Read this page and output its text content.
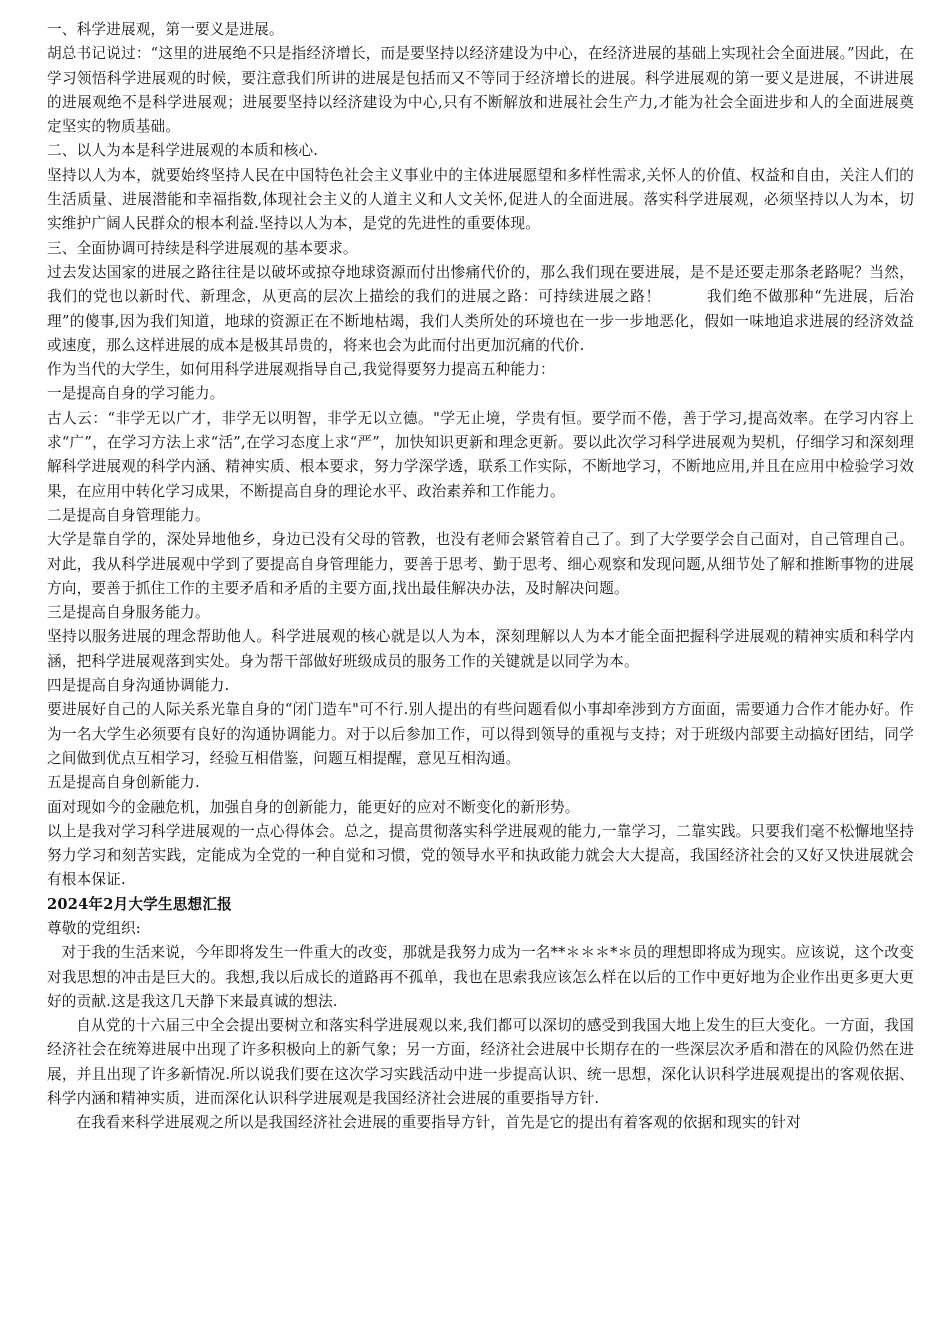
一、科学进展观，第一要义是进展。

胡总书记说过：“这里的进展绝不只是指经济增长，而是要坚持以经济建设为中心，在经济进展的基础上实现社会全面进展。”因此，在学习领悟科学进展观的时候，要注意我们所讲的进展是包括而又不等同于经济增长的进展。科学进展观的第一要义是进展，不讲进展的进展观绝不是科学进展观；进展要坚持以经济建设为中心,只有不断解放和进展社会生产力,才能为社会全面进步和人的全面进展奠定坚实的物质基础。

二、以人为本是科学进展观的本质和核心.

坚持以人为本，就要始终坚持人民在中国特色社会主义事业中的主体进展愿望和多样性需求,关怀人的价值、权益和自由，关注人们的生活质量、进展潜能和幸福指数,体现社会主义的人道主义和人文关怀,促进人的全面进展。落实科学进展观，必须坚持以人为本，切实维护广阔人民群众的根本利益.坚持以人为本，是党的先进性的重要体现。

三、全面协调可持续是科学进展观的基本要求。

过去发达国家的进展之路往往是以破坏或掠夺地球资源而付出惨痛代价的，那么我们现在要进展，是不是还要走那条老路呢？当然，我们的党也以新时代、新理念，从更高的层次上描绘的我们的进展之路：可持续进展之路！　　　我们绝不做那种“先进展，后治理”的傻事,因为我们知道，地球的资源正在不断地枯竭，我们人类所处的环境也在一步一步地恶化，假如一味地追求进展的经济效益或速度，那么这样进展的成本是极其昂贵的，将来也会为此而付出更加沉痛的代价.

作为当代的大学生，如何用科学进展观指导自己,我觉得要努力提高五种能力：

一是提高自身的学习能力。

古人云：“非学无以广才，非学无以明智，非学无以立德。"学无止境，学贵有恒。要学而不倦，善于学习,提高效率。在学习内容上求“广”，在学习方法上求“活”,在学习态度上求“严”，加快知识更新和理念更新。要以此次学习科学进展观为契机，仔细学习和深刻理解科学进展观的科学内涵、精神实质、根本要求，努力学深学透，联系工作实际，不断地学习，不断地应用,并且在应用中检验学习效果，在应用中转化学习成果，不断提高自身的理论水平、政治素养和工作能力。

二是提高自身管理能力。

大学是靠自学的，深处异地他乡，身边已没有父母的管教，也没有老师会紧管着自己了。到了大学要学会自己面对，自己管理自己。对此，我从科学进展观中学到了要提高自身管理能力，要善于思考、勤于思考、细心观察和发现问题,从细节处了解和推断事物的进展方向，要善于抓住工作的主要矛盾和矛盾的主要方面,找出最佳解决办法，及时解决问题。

三是提高自身服务能力。

坚持以服务进展的理念帮助他人。科学进展观的核心就是以人为本，深刻理解以人为本才能全面把握科学进展观的精神实质和科学内涵，把科学进展观落到实处。身为帮干部做好班级成员的服务工作的关键就是以同学为本。

四是提高自身沟通协调能力.

要进展好自己的人际关系光靠自身的“闭门造车"可不行.别人提出的有些问题看似小事却牵涉到方方面面，需要通力合作才能办好。作为一名大学生必须要有良好的沟通协调能力。对于以后参加工作，可以得到领导的重视与支持；对于班级内部要主动搞好团结，同学之间做到优点互相学习，经验互相借鉴，问题互相提醒，意见互相沟通。

五是提高自身创新能力.

面对现如今的金融危机，加强自身的创新能力，能更好的应对不断变化的新形势。

以上是我对学习科学进展观的一点心得体会。总之，提高贯彻落实科学进展观的能力,一靠学习，二靠实践。只要我们毫不松懈地坚持努力学习和刻苦实践，定能成为全党的一种自觉和习惯，党的领导水平和执政能力就会大大提高，我国经济社会的又好又快进展就会有根本保证.

2024年2月大学生思想汇报

尊敬的党组织:

对于我的生活来说，今年即将发生一件重大的改变，那就是我努力成为一名**＊＊＊*＊员的理想即将成为现实。应该说，这个改变对我思想的冲击是巨大的。我想,我以后成长的道路再不孤单，我也在思索我应该怎么样在以后的工作中更好地为企业作出更多更大更好的贡献.这是我这几天静下来最真诚的想法.

自从党的十六届三中全会提出要树立和落实科学进展观以来,我们都可以深切的感受到我国大地上发生的巨大变化。一方面，我国经济社会在统筹进展中出现了许多积极向上的新气象；另一方面，经济社会进展中长期存在的一些深层次矛盾和潜在的风险仍然在进展，并且出现了许多新情况.所以说我们要在这次学习实践活动中进一步提高认识、统一思想，深化认识科学进展观提出的客观依据、科学内涵和精神实质，进而深化认识科学进展观是我国经济社会进展的重要指导方针.

在我看来科学进展观之所以是我国经济社会进展的重要指导方针，首先是它的提出有着客观的依据和现实的针对
